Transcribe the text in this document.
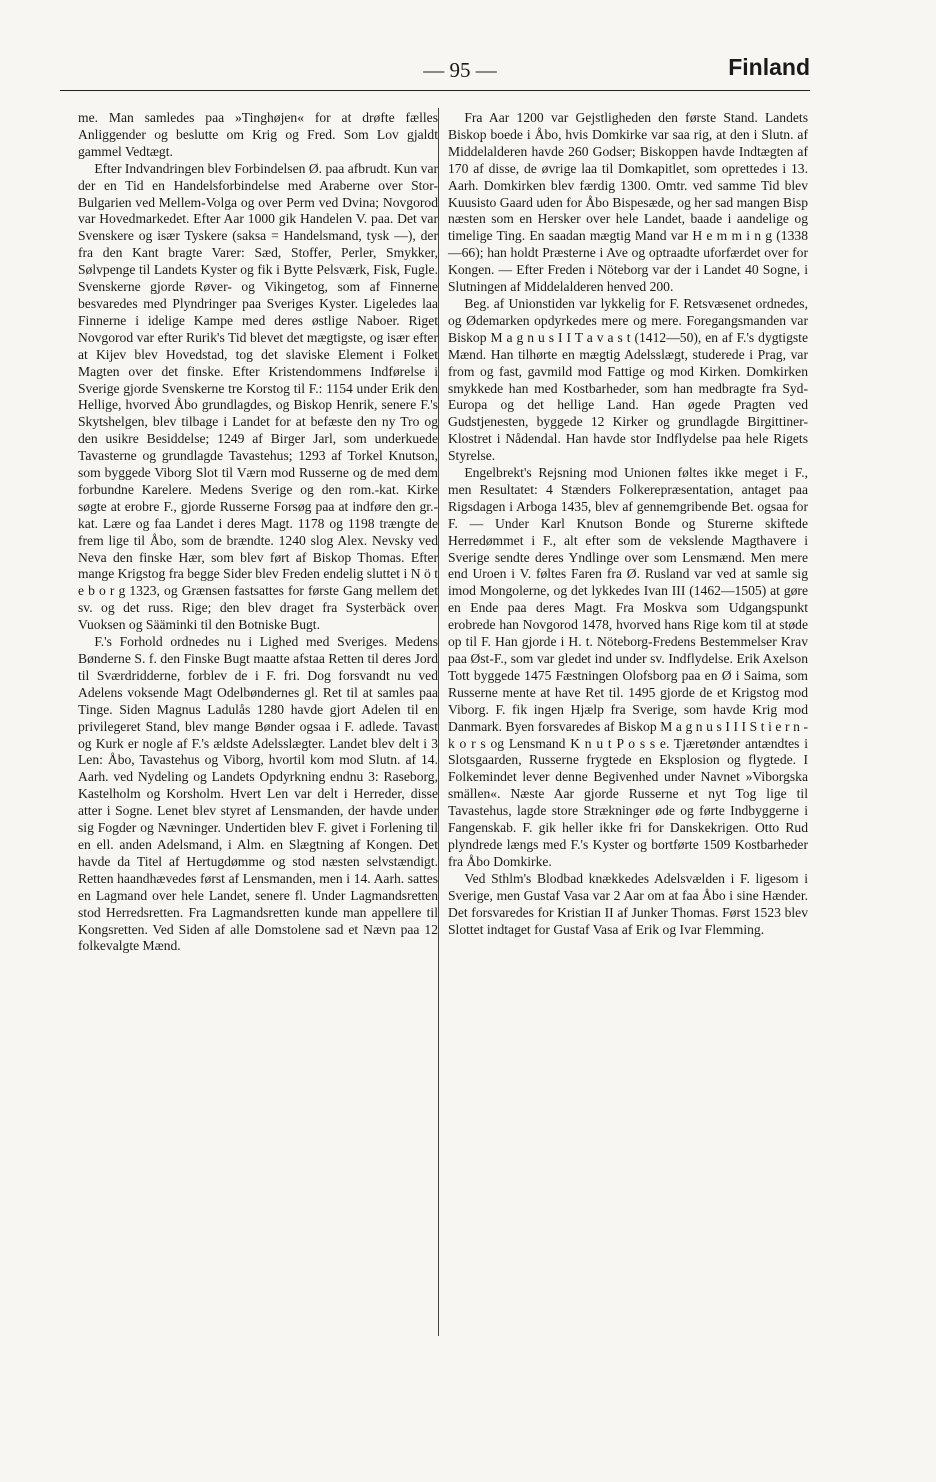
— 95 —	Finland

me. Man samledes paa »Tinghøjen« for at drøfte fælles Anliggender og beslutte om Krig og Fred. Som Lov gjaldt gammel Vedtægt.

Efter Indvandringen blev Forbindelsen Ø. paa afbrudt. Kun var der en Tid en Handelsforbindelse med Araberne over Stor-Bulgarien ved Mellem-Volga og over Perm ved Dvina; Novgorod var Hovedmarkedet. Efter Aar 1000 gik Handelen V. paa. Det var Svenskere og især Tyskere (saksa = Handelsmand, tysk —), der fra den Kant bragte Varer: Sæd, Stoffer, Perler, Smykker, Sølvpenge til Landets Kyster og fik i Bytte Pelsværk, Fisk, Fugle. Svenskerne gjorde Røver- og Vikingetog, som af Finnerne besvaredes med Plyndringer paa Sveriges Kyster. Ligeledes laa Finnerne i idelige Kampe med deres østlige Naboer. Riget Novgorod var efter Rurik's Tid blevet det mægtigste, og især efter at Kijev blev Hovedstad, tog det slaviske Element i Folket Magten over det finske. Efter Kristendommens Indførelse i Sverige gjorde Svenskerne tre Korstog til F.: 1154 under Erik den Hellige, hvorved Åbo grundlagdes, og Biskop Henrik, senere F.'s Skytshelgen, blev tilbage i Landet for at befæste den ny Tro og den usikre Besiddelse; 1249 af Birger Jarl, som underkuede Tavasterne og grundlagde Tavastehus; 1293 af Torkel Knutson, som byggede Viborg Slot til Værn mod Russerne og de med dem forbundne Karelere. Medens Sverige og den rom.-kat. Kirke søgte at erobre F., gjorde Russerne Forsøg paa at indføre den gr.-kat. Lære og faa Landet i deres Magt. 1178 og 1198 trængte de frem lige til Åbo, som de brændte. 1240 slog Alex. Nevsky ved Neva den finske Hær, som blev ført af Biskop Thomas. Efter mange Krigstog fra begge Sider blev Freden endelig sluttet i N ö t e b o r g 1323, og Grænsen fastsattes for første Gang mellem det sv. og det russ. Rige; den blev draget fra Systerbäck over Vuoksen og Sääminki til den Botniske Bugt.

F.'s Forhold ordnedes nu i Lighed med Sveriges. Medens Bønderne S. f. den Finske Bugt maatte afstaa Retten til deres Jord til Sværdridderne, forblev de i F. fri. Dog forsvandt nu ved Adelens voksende Magt Odelbøndernes gl. Ret til at samles paa Tinge. Siden Magnus Ladulås 1280 havde gjort Adelen til en privilegeret Stand, blev mange Bønder ogsaa i F. adlede. Tavast og Kurk er nogle af F.'s ældste Adelsslægter. Landet blev delt i 3 Len: Åbo, Tavastehus og Viborg, hvortil kom mod Slutn. af 14. Aarh. ved Nydeling og Landets Opdyrkning endnu 3: Raseborg, Kastelholm og Korsholm. Hvert Len var delt i Herreder, disse atter i Sogne. Lenet blev styret af Lensmanden, der havde under sig Fogder og Nævninger. Undertiden blev F. givet i Forlening til en ell. anden Adelsmand, i Alm. en Slægtning af Kongen. Det havde da Titel af Hertugdømme og stod næsten selvstændigt. Retten haandhævedes først af Lensmanden, men i 14. Aarh. sattes en Lagmand over hele Landet, senere fl. Under Lagmandsretten stod Herredsretten. Fra Lagmandsretten kunde man appellere til Kongsretten. Ved Siden af alle Domstolene sad et Nævn paa 12 folkevalgte Mænd.

Fra Aar 1200 var Gejstligheden den første Stand. Landets Biskop boede i Åbo, hvis Domkirke var saa rig, at den i Slutn. af Middelalderen havde 260 Godser; Biskoppen havde Indtægten af 170 af disse, de øvrige laa til Domkapitlet, som oprettedes i 13. Aarh. Domkirken blev færdig 1300. Omtr. ved samme Tid blev Kuusisto Gaard uden for Åbo Bispesæde, og her sad mangen Bisp næsten som en Hersker over hele Landet, baade i aandelige og timelige Ting. En saadan mægtig Mand var H e m m i n g (1338—66); han holdt Præsterne i Ave og optraadte uforfærdet over for Kongen. — Efter Freden i Nöteborg var der i Landet 40 Sogne, i Slutningen af Middelalderen henved 200.

Beg. af Unionstiden var lykkelig for F. Retsvæsenet ordnedes, og Ødemarken opdyrkedes mere og mere. Foregangsmanden var Biskop M a g n u s I I T a v a s t (1412—50), en af F.'s dygtigste Mænd. Han tilhørte en mægtig Adelsslægt, studerede i Prag, var from og fast, gavmild mod Fattige og mod Kirken. Domkirken smykkede han med Kostbarheder, som han medbragte fra Syd-Europa og det hellige Land. Han øgede Pragten ved Gudstjenesten, byggede 12 Kirker og grundlagde Birgittiner-Klostret i Nådendal. Han havde stor Indflydelse paa hele Rigets Styrelse.

Engelbrekt's Rejsning mod Unionen føltes ikke meget i F., men Resultatet: 4 Stænders Folkerepræsentation, antaget paa Rigsdagen i Arboga 1435, blev af gennemgribende Bet. ogsaa for F. — Under Karl Knutson Bonde og Sturerne skiftede Herredømmet i F., alt efter som de vekslende Magthavere i Sverige sendte deres Yndlinge over som Lensmænd. Men mere end Uroen i V. føltes Faren fra Ø. Rusland var ved at samle sig imod Mongolerne, og det lykkedes Ivan III (1462—1505) at gøre en Ende paa deres Magt. Fra Moskva som Udgangspunkt erobrede han Novgorod 1478, hvorved hans Rige kom til at støde op til F. Han gjorde i H. t. Nöteborg-Fredens Bestemmelser Krav paa Øst-F., som var gledet ind under sv. Indflydelse. Erik Axelson Tott byggede 1475 Fæstningen Olofsborg paa en Ø i Saima, som Russerne mente at have Ret til. 1495 gjorde de et Krigstog mod Viborg. F. fik ingen Hjælp fra Sverige, som havde Krig mod Danmark. Byen forsvaredes af Biskop M a g n u s I I I S t i e r n - k o r s og Lensmand K n u t P o s s e. Tjæretønder antændtes i Slotsgaarden, Russerne frygtede en Eksplosion og flygtede. I Folkemindet lever denne Begivenhed under Navnet »Viborgska smällen«. Næste Aar gjorde Russerne et nyt Tog lige til Tavastehus, lagde store Strækninger øde og førte Indbyggerne i Fangenskab. F. gik heller ikke fri for Danskekrigen. Otto Rud plyndrede længs med F.'s Kyster og bortførte 1509 Kostbarheder fra Åbo Domkirke.

Ved Sthlm's Blodbad knækkedes Adelsvælden i F. ligesom i Sverige, men Gustaf Vasa var 2 Aar om at faa Åbo i sine Hænder. Det forsvaredes for Kristian II af Junker Thomas. Først 1523 blev Slottet indtaget for Gustaf Vasa af Erik og Ivar Flemming.
